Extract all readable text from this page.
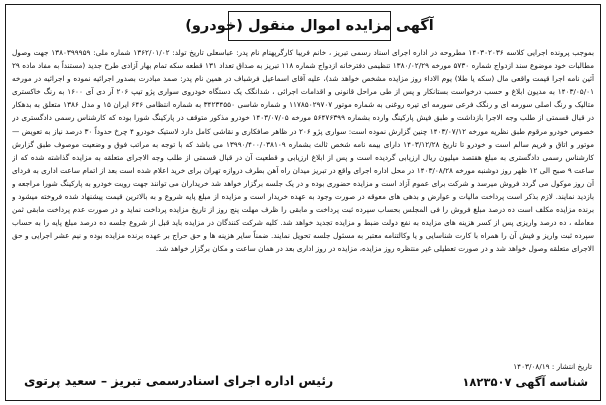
آگهی مزایده اموال منقول (خودرو)
بموجب پرونده اجرایی کلاسه ۱۴۰۳۰۲۰۳۶ مطروحه در اداره اجرای اسناد رسمی تبریز ، خانم فریبا کارگرپهنام نام پدر: عباسعلی تاریخ تولد: ۱۳۶۲/۰۱/۰۲ شماره ملی: ۱۳۸۰۳۹۹۹۵۹ جهت وصول مطالبات خود موضوع سند ازدواج شماره ۵۷۳۰ مورخه ۱۳۸۰/۰۲/۲۹ تنظیمی دفترخانه ازدواج شماره ۱۱۸ تبریز به صداق تعداد ۱۳۱ قطعه سکه تمام بهار آزادی طرح جدید (مستنداً به مفاد ماده ۲۹ آئین نامه اجرا قیمت واقعی مال (سکه یا طلا) یوم الاداء روز مزایده مشخص خواهد شد)، علیه آقای اسماعیل فرشباف در همین نام پدر: صمد مبادرت بصدور اجرائیه نموده و اجرائیه در مورخه ۱۴۰۳/۰۵/۰۱ به مدیون ابلاغ و حسب درخواست بستانکار و پس از طی مراحل قانونی و اقدامات اجرائی ، شدانگک یک دستگاه خودروی سواری پژو تیپ ۲۰۶ آر دی آی ۱۶۰۰ به رنگ خاکستری متالیک و رنگ اصلی سورمه ای و رنگک فرعی سورمه ای تیره روغنی به شماره موتور ۱۱۷۸۵۰۲۹۷۰۷ و شماره شاسی ۳۴۲۳۴۵۵۰ به شماره انتظامی ۶۴۶ ایران ۱۵ و مدل ۱۳۸۶ متعلق به بدهکار در قبال قسمتی از طلب وجه الاجرا بازداشت و طبق فیش پارکینگ وارده بشماره ۵۶۴۷۶۳۹۹ مورخه ۱۴۰۳/۰۷/۰۵ خودرو مذکور متوقف در پارکینگ شورا بوده که کارشناس رسمی دادگستری در خصوص خودرو مرقوم طبق نظریه مورخه ۱۴۰۳/۰۷/۱۲ چنین گزارش نموده است: سواری پژو ۲۰۶ در ظاهر صافکاری و نقاشی کامل دارد لاستیک خودرو ۴ چرخ حدوداً ۳۰ درصد نیاز به تعویض — موتور و اتاق و فریم سالم است و خودرو تا تاریخ ۱۴۰۳/۱۲/۲۸ دارای بیمه نامه شخص ثالث بشماره ۱۳۹۹۰/۴۰۰/۰۳۸۱۰۹ می باشد که با توجه به مراتب فوق و وضعیت موصوف طبق گزارش کارشناس رسمی دادگستری به مبلغ هفتصد میلیون ریال ارزیابی گردیده است و پس از ابلاغ ارزیابی و قطعیت آن در قبال قسمتی از طلب وجه الاجرای متعلقه به مزایده گذاشته شده که از ساعت ۹ صبح الی ۱۲ ظهر روز دوشنبه مورخه ۱۴۰۳/۰۸/۲۸ در محل اداره اجرای واقع در تبریز میدان راه آهن بطرف دروازه تهران برای خرید اعلام شده است بعد از اتمام ساعت اداری به فردای آن روز موکول می گردد فروش میرسد و شرکت برای عموم آزاد است و مزایده حضوری بوده و در یک جلسه برگزار خواهد شد خریداران می توانند جهت رویت خودرو به پارکینگ شورا مراجعه و بازدید نمایند. لازم بذکر است پرداخت مالیات و عوارض و بدهی های معوقه در صورت وجود به عهده خریدار است و مزایده از مبلغ پایه شروع و به بالاترین قیمت پیشنهاد شده فروخته میشود و برنده مزایده مکلف است ده درصد مبلغ فروش را فی المجلس بحساب سپرده ثبت پرداخت و مابقی را ظرف مهلت پنج روز از تاریخ مزایده پرداخت نماید و در صورت عدم پرداخت مابقی ثمن معامله ، ده درصد واریزی پس از کسر هزینه های مزایده به نفع دولت ضبط و مزایده تجدید خواهد شد. کلیه شرکت کنندگان در مزایده باید قبل از شروع جلسه ده درصد مبلغ پایه را به حساب سپرده ثبت واریز و فیش آن را همراه با کارت شناسایی و یا وکالتنامه معتبر به مسئول جلسه تحویل نمایند. ضمناً سایر هزینه ها و حق حراج بر عهده برنده مزایده بوده و نیم عشر اجرایی و حق الاجرای متعلقه وصول خواهد شد و در صورت تعطیلی غیر منتظره روز مزایده، مزایده در روز اداری بعد در همان ساعت و مکان برگزار خواهد شد.
تاریخ انتشار : ۱۴۰۳/۰۸/۱۹
شناسه آگهی ۱۸۲۳۵۰۷
رئیس اداره اجرای اسنادرسمی تبریز – سعید پرتوی
